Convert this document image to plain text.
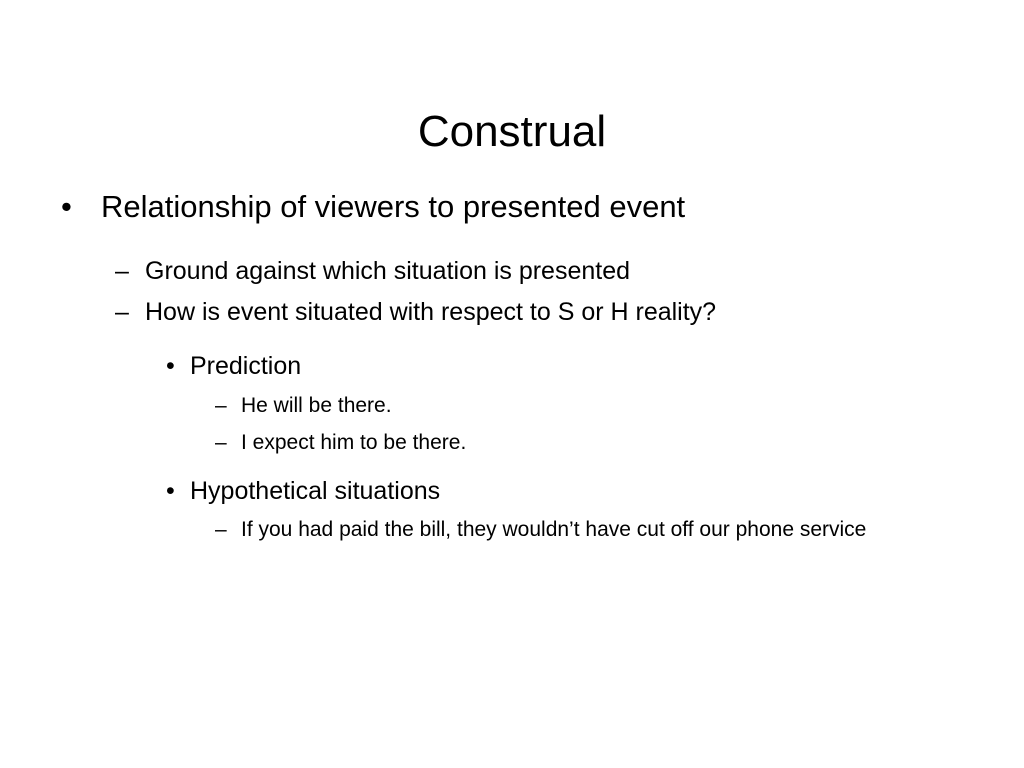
Construal
• Relationship of viewers to presented event
– Ground against which situation is presented
– How is event situated with respect to S or H reality?
• Prediction
– He will be there.
– I expect him to be there.
• Hypothetical situations
– If you had paid the bill, they wouldn’t have cut off our phone service
